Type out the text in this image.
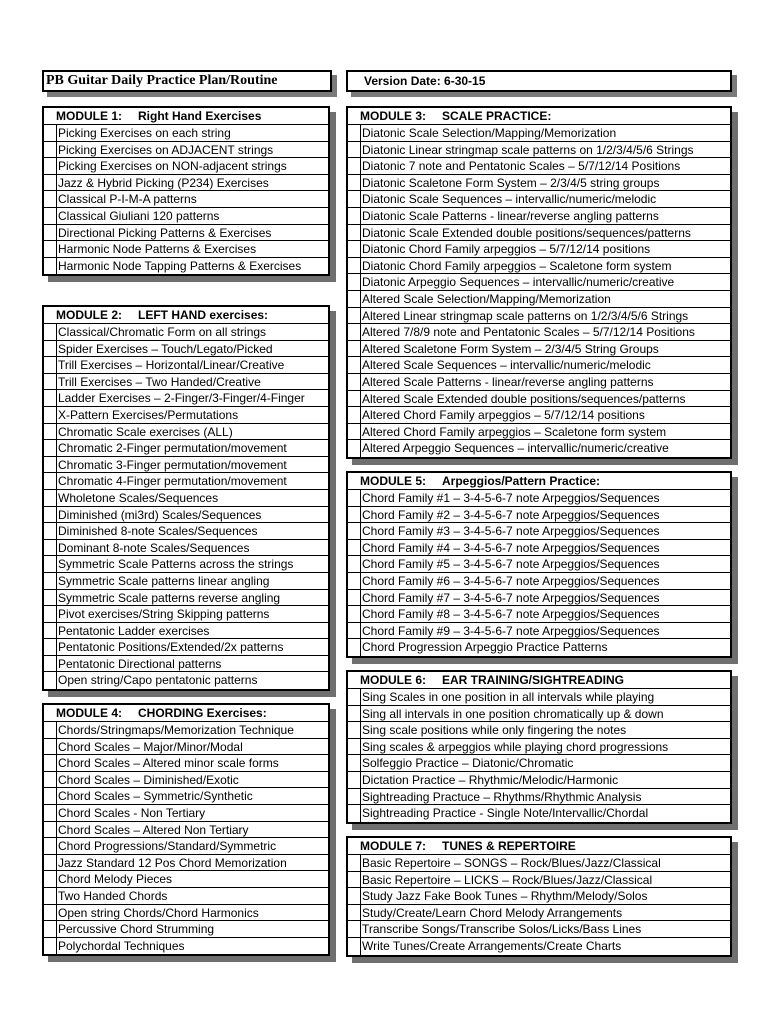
PB Guitar Daily Practice Plan/Routine	Version Date: 6-30-15
MODULE 1: Right Hand Exercises
Picking Exercises on each string
Picking Exercises on ADJACENT strings
Picking Exercises on NON-adjacent strings
Jazz & Hybrid Picking (P234) Exercises
Classical P-I-M-A patterns
Classical Giuliani 120 patterns
Directional Picking Patterns & Exercises
Harmonic Node Patterns & Exercises
Harmonic Node Tapping Patterns & Exercises
MODULE 2: LEFT HAND exercises:
Classical/Chromatic Form on all strings
Spider Exercises – Touch/Legato/Picked
Trill Exercises – Horizontal/Linear/Creative
Trill Exercises – Two Handed/Creative
Ladder Exercises – 2-Finger/3-Finger/4-Finger
X-Pattern Exercises/Permutations
Chromatic Scale exercises (ALL)
Chromatic 2-Finger permutation/movement
Chromatic 3-Finger permutation/movement
Chromatic 4-Finger permutation/movement
Wholetone Scales/Sequences
Diminished (mi3rd) Scales/Sequences
Diminished 8-note Scales/Sequences
Dominant 8-note Scales/Sequences
Symmetric Scale Patterns across the strings
Symmetric Scale patterns linear angling
Symmetric Scale patterns reverse angling
Pivot exercises/String Skipping patterns
Pentatonic Ladder exercises
Pentatonic Positions/Extended/2x patterns
Pentatonic Directional patterns
Open string/Capo pentatonic patterns
MODULE 4: CHORDING Exercises:
Chords/Stringmaps/Memorization Technique
Chord Scales – Major/Minor/Modal
Chord Scales – Altered minor scale forms
Chord Scales – Diminished/Exotic
Chord Scales – Symmetric/Synthetic
Chord Scales - Non Tertiary
Chord Scales – Altered Non Tertiary
Chord Progressions/Standard/Symmetric
Jazz Standard 12 Pos Chord Memorization
Chord Melody Pieces
Two Handed Chords
Open string Chords/Chord Harmonics
Percussive Chord Strumming
Polychordal Techniques
MODULE 3: SCALE PRACTICE:
Diatonic Scale Selection/Mapping/Memorization
Diatonic Linear stringmap scale patterns on 1/2/3/4/5/6 Strings
Diatonic 7 note and Pentatonic Scales – 5/7/12/14 Positions
Diatonic Scaletone Form System – 2/3/4/5 string groups
Diatonic Scale Sequences – intervallic/numeric/melodic
Diatonic Scale Patterns - linear/reverse angling patterns
Diatonic Scale Extended double positions/sequences/patterns
Diatonic Chord Family arpeggios – 5/7/12/14 positions
Diatonic Chord Family arpeggios – Scaletone form system
Diatonic Arpeggio Sequences – intervallic/numeric/creative
Altered Scale Selection/Mapping/Memorization
Altered Linear stringmap scale patterns on 1/2/3/4/5/6 Strings
Altered 7/8/9 note and Pentatonic Scales – 5/7/12/14 Positions
Altered Scaletone Form System – 2/3/4/5 String Groups
Altered Scale Sequences – intervallic/numeric/melodic
Altered Scale Patterns - linear/reverse angling patterns
Altered Scale Extended double positions/sequences/patterns
Altered Chord Family arpeggios – 5/7/12/14 positions
Altered Chord Family arpeggios – Scaletone form system
Altered Arpeggio Sequences – intervallic/numeric/creative
MODULE 5: Arpeggios/Pattern Practice:
Chord Family #1 – 3-4-5-6-7 note Arpeggios/Sequences
Chord Family #2 – 3-4-5-6-7 note Arpeggios/Sequences
Chord Family #3 – 3-4-5-6-7 note Arpeggios/Sequences
Chord Family #4 – 3-4-5-6-7 note Arpeggios/Sequences
Chord Family #5 – 3-4-5-6-7 note Arpeggios/Sequences
Chord Family #6 – 3-4-5-6-7 note Arpeggios/Sequences
Chord Family #7 – 3-4-5-6-7 note Arpeggios/Sequences
Chord Family #8 – 3-4-5-6-7 note Arpeggios/Sequences
Chord Family #9 – 3-4-5-6-7 note Arpeggios/Sequences
Chord Progression Arpeggio Practice Patterns
MODULE 6: EAR TRAINING/SIGHTREADING
Sing Scales in one position in all intervals while playing
Sing all intervals in one position chromatically up & down
Sing scale positions while only fingering the notes
Sing scales & arpeggios while playing chord progressions
Solfeggio Practice – Diatonic/Chromatic
Dictation Practice – Rhythmic/Melodic/Harmonic
Sightreading Practuce – Rhythms/Rhythmic Analysis
Sightreading Practice - Single Note/Intervallic/Chordal
MODULE 7: TUNES & REPERTOIRE
Basic Repertoire – SONGS – Rock/Blues/Jazz/Classical
Basic Repertoire – LICKS – Rock/Blues/Jazz/Classical
Study Jazz Fake Book Tunes – Rhythm/Melody/Solos
Study/Create/Learn Chord Melody Arrangements
Transcribe Songs/Transcribe Solos/Licks/Bass Lines
Write Tunes/Create Arrangements/Create Charts
